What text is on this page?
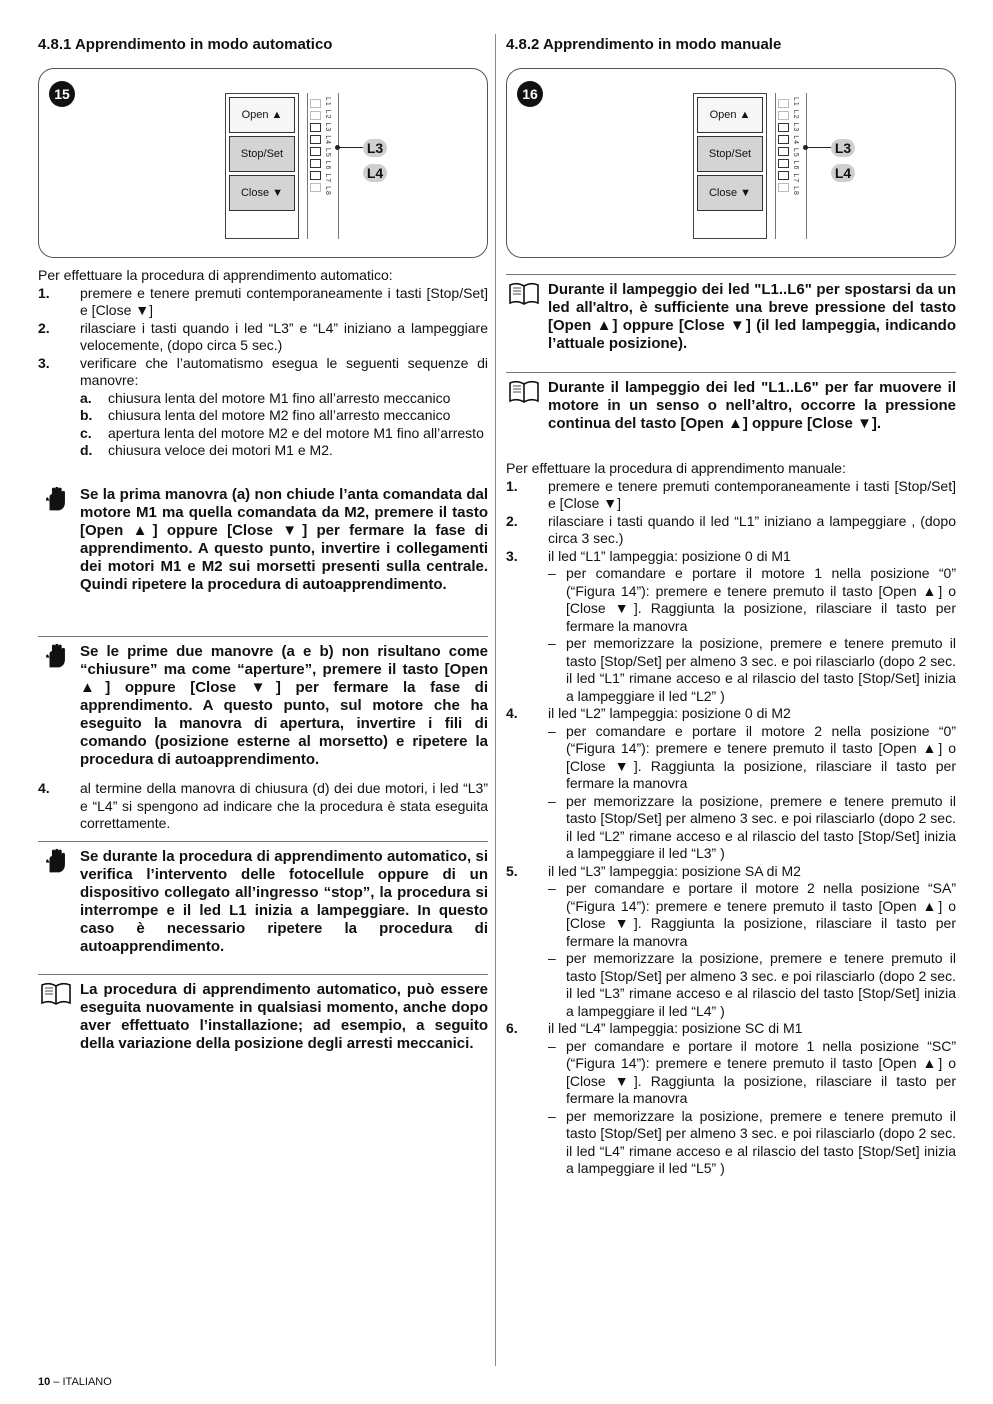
4.8.1 Apprendimento in modo automatico
15
Open ▲
Stop/Set
Close ▼	L1 L2 L3 L4 L5 L6 L7 L8	L3
L4

Per effettuare la procedura di apprendimento automatico:

1.	premere e tenere premuti contemporaneamente i tasti [Stop/Set] e [Close ▼]
2.	rilasciare i tasti quando i led “L3” e “L4” iniziano a lampeggiare velocemente, (dopo circa 5 sec.)
3.	verificare che l’automatismo esegua le seguenti sequenze di manovre:
a.	chiusura lenta del motore M1 fino all’arresto meccanico
b.	chiusura lenta del motore M2 fino all’arresto meccanico
c.	apertura lenta del motore M2 e del motore M1 fino all’arresto
d.	chiusura veloce dei motori M1 e M2.
Se la prima manovra (a) non chiude l’anta comandata dal motore M1 ma quella comandata da M2, premere il tasto [Open ▲] oppure [Close ▼] per fermare la fase di apprendimento. A questo punto, invertire i collegamenti dei motori M1 e M2 sui morsetti presenti sulla centrale. Quindi ripetere la procedura di autoapprendimento.
Se le prime due manovre (a e b) non risultano come “chiusure” ma come “aperture”, premere il tasto [Open ▲] oppure [Close ▼] per fermare la fase di apprendimento. A questo punto, sul motore che ha eseguito la manovra di apertura, invertire i fili di comando (posizione esterne al morsetto) e ripetere la procedura di autoapprendimento.
4.	al termine della manovra di chiusura (d) dei due motori, i led “L3” e “L4” si spengono ad indicare che la procedura è stata eseguita correttamente.
Se durante la procedura di apprendimento automatico, si verifica l’intervento delle fotocellule oppure di un dispositivo collegato all’ingresso “stop”, la procedura si interrompe e il led L1 inizia a lampeggiare. In questo caso è necessario ripetere la procedura di autoapprendimento.
La procedura di apprendimento automatico, può essere eseguita nuovamente in qualsiasi momento, anche dopo aver effettuato l’installazione; ad esempio, a seguito della variazione della posizione degli arresti meccanici.
4.8.2 Apprendimento in modo manuale
16
Open ▲
Stop/Set
Close ▼	L1 L2 L3 L4 L5 L6 L7 L8	L3
L4
Durante il lampeggio dei led "L1..L6" per spostarsi da un led all'altro, è sufficiente una breve pressione del tasto [Open ▲] oppure [Close ▼] (il led lampeggia, indicando l’attuale posizione).
Durante il lampeggio dei led "L1..L6" per far muovere il motore in un senso o nell’altro, occorre la pressione continua del tasto [Open ▲] oppure [Close ▼].

Per effettuare la procedura di apprendimento manuale:

1.	premere e tenere premuti contemporaneamente i tasti [Stop/Set] e [Close ▼]
2.	rilasciare i tasti quando il led “L1” iniziano a lampeggiare , (dopo circa 3 sec.)
3.	il led “L1” lampeggia: posizione 0 di M1
– per comandare e portare il motore 1 nella posizione “0” (“Figura 14”): premere e tenere premuto il tasto [Open ▲] o [Close ▼]. Raggiunta la posizione, rilasciare il tasto per fermare la manovra
– per memorizzare la posizione, premere e tenere premuto il tasto [Stop/Set] per almeno 3 sec. e poi rilasciarlo (dopo 2 sec. il led “L1” rimane acceso e al rilascio del tasto [Stop/Set] inizia a lampeggiare il led “L2” )
4.	il led “L2” lampeggia: posizione 0 di M2
– per comandare e portare il motore 2 nella posizione “0” (“Figura 14”): premere e tenere premuto il tasto [Open ▲] o [Close ▼]. Raggiunta la posizione, rilasciare il tasto per fermare la manovra
– per memorizzare la posizione, premere e tenere premuto il tasto [Stop/Set] per almeno 3 sec. e poi rilasciarlo (dopo 2 sec. il led “L2” rimane acceso e al rilascio del tasto [Stop/Set] inizia a lampeggiare il led “L3” )
5.	il led “L3” lampeggia: posizione SA di M2
– per comandare e portare il motore 2 nella posizione “SA” (“Figura 14”): premere e tenere premuto il tasto [Open ▲] o [Close ▼]. Raggiunta la posizione, rilasciare il tasto per fermare la manovra
– per memorizzare la posizione, premere e tenere premuto il tasto [Stop/Set] per almeno 3 sec. e poi rilasciarlo (dopo 2 sec. il led “L3” rimane acceso e al rilascio del tasto [Stop/Set] inizia a lampeggiare il led “L4” )
6.	il led “L4” lampeggia: posizione SC di M1
– per comandare e portare il motore 1 nella posizione “SC” (“Figura 14”): premere e tenere premuto il tasto [Open ▲] o [Close ▼]. Raggiunta la posizione, rilasciare il tasto per fermare la manovra
– per memorizzare la posizione, premere e tenere premuto il tasto [Stop/Set] per almeno 3 sec. e poi rilasciarlo (dopo 2 sec. il led “L4” rimane acceso e al rilascio del tasto [Stop/Set] inizia a lampeggiare il led “L5” )
10 – ITALIANO
